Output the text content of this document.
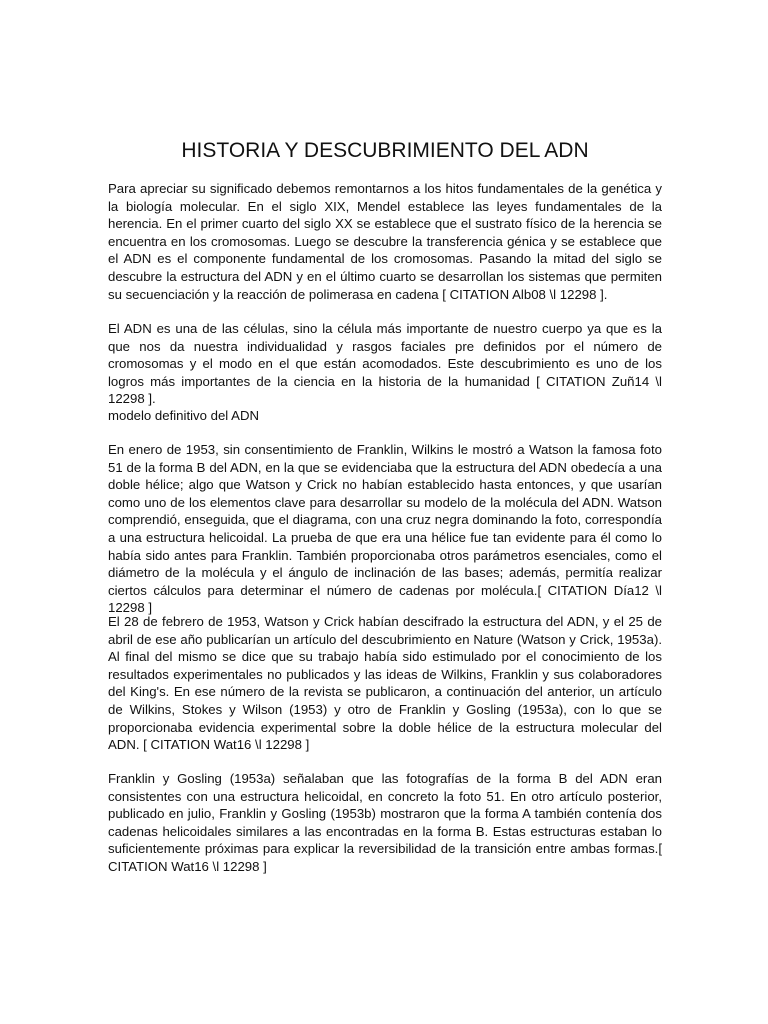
HISTORIA Y DESCUBRIMIENTO DEL ADN

Para apreciar su significado debemos remontarnos a los hitos fundamentales de la genética y la biología molecular. En el siglo XIX, Mendel establece las leyes fundamentales de la herencia. En el primer cuarto del siglo XX se establece que el sustrato físico de la herencia se encuentra en los cromosomas. Luego se descubre la transferencia génica y se establece que el ADN es el componente fundamental de los cromosomas. Pasando la mitad del siglo se descubre la estructura del ADN y en el último cuarto se desarrollan los sistemas que permiten su secuenciación y la reacción de polimerasa en cadena [ CITATION Alb08 \l 12298 ].

El ADN es una de las células, sino la célula más importante de nuestro cuerpo ya que es la que nos da nuestra individualidad y rasgos faciales pre definidos por el número de cromosomas y el modo en el que están acomodados. Este descubrimiento es uno de los logros más importantes de la ciencia en la historia de la humanidad [ CITATION Zuñ14 \l 12298 ].

modelo definitivo del ADN

En enero de 1953, sin consentimiento de Franklin, Wilkins le mostró a Watson la famosa foto 51 de la forma B del ADN, en la que se evidenciaba que la estructura del ADN obedecía a una doble hélice; algo que Watson y Crick no habían establecido hasta entonces, y que usarían como uno de los elementos clave para desarrollar su modelo de la molécula del ADN. Watson comprendió, enseguida, que el diagrama, con una cruz negra dominando la foto, correspondía a una estructura helicoidal. La prueba de que era una hélice fue tan evidente para él como lo había sido antes para Franklin. También proporcionaba otros parámetros esenciales, como el diámetro de la molécula y el ángulo de inclinación de las bases; además, permitía realizar ciertos cálculos para determinar el número de cadenas por molécula.[ CITATION Día12 \l 12298 ]

El 28 de febrero de 1953, Watson y Crick habían descifrado la estructura del ADN, y el 25 de abril de ese año publicarían un artículo del descubrimiento en Nature (Watson y Crick, 1953a). Al final del mismo se dice que su trabajo había sido estimulado por el conocimiento de los resultados experimentales no publicados y las ideas de Wilkins, Franklin y sus colaboradores del King's. En ese número de la revista se publicaron, a continuación del anterior, un artículo de Wilkins, Stokes y Wilson (1953) y otro de Franklin y Gosling (1953a), con lo que se proporcionaba evidencia experimental sobre la doble hélice de la estructura molecular del ADN. [ CITATION Wat16 \l 12298 ]

Franklin y Gosling (1953a) señalaban que las fotografías de la forma B del ADN eran consistentes con una estructura helicoidal, en concreto la foto 51. En otro artículo posterior, publicado en julio, Franklin y Gosling (1953b) mostraron que la forma A también contenía dos cadenas helicoidales similares a las encontradas en la forma B. Estas estructuras estaban lo suficientemente próximas para explicar la reversibilidad de la transición entre ambas formas.[ CITATION Wat16 \l 12298 ]
